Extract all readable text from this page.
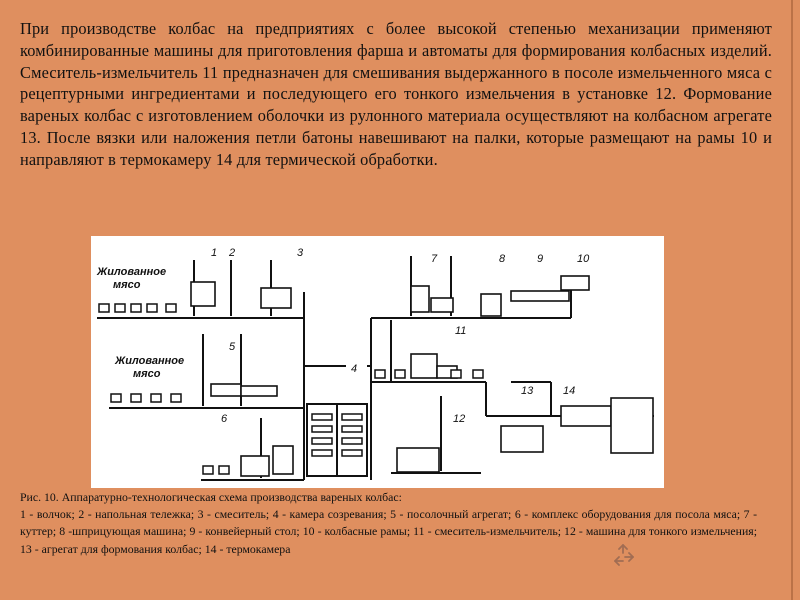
При производстве колбас на предприятиях с более высокой степенью механизации применяют комбинированные машины для приготовления фарша и автоматы для формирования колбасных изделий. Смеситель-измельчитель 11 предназначен для смешивания выдержанного в посоле измельченного мяса с рецептурными ингредиентами и последующего его тонкого измельчения в установке 12. Формование вареных колбас с изготовлением оболочки из рулонного материала осуществляют на колбасном агрегате 13. После вязки или наложения петли батоны навешивают на палки, которые размещают на рамы 10 и направляют в термокамеру 14 для термической обработки.
Жилованное
мясо
Жилованное
мясо
1 2	3
4
5
6
7	8	9	10
11
12
13	14
Рис. 10. Аппаратурно-технологическая схема производства вареных колбас:
1 - волчок; 2 - напольная тележка; 3 - смеситель; 4 - камера созревания; 5 - посолочный агрегат; 6 - комплекс оборудования для посола мяса; 7 - куттер; 8 -шприцующая машина; 9 - конвейерный стол; 10 - колбасные рамы; 11 - смеситель-измельчитель; 12 - машина для тонкого измельчения; 13 - агрегат для формования колбас; 14 - термокамера
